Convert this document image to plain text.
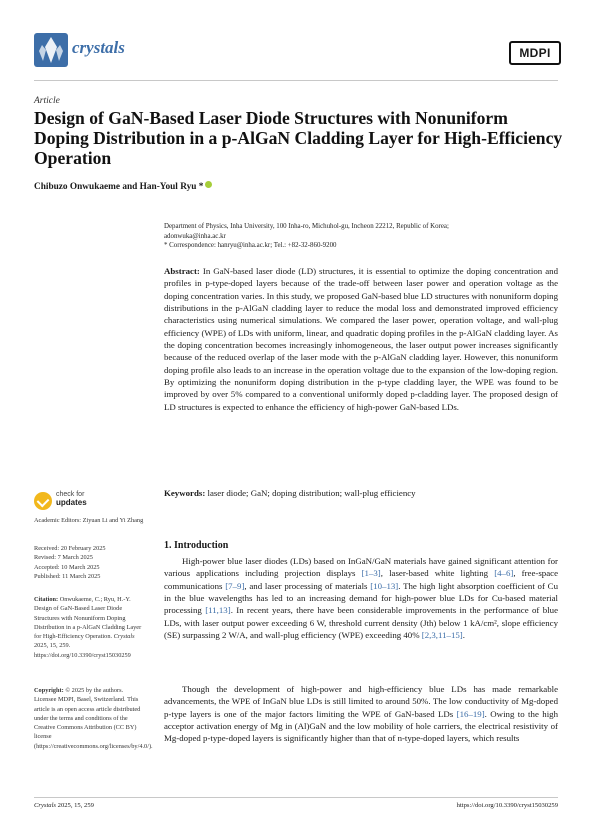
crystals	MDPI
Article
Design of GaN-Based Laser Diode Structures with Nonuniform Doping Distribution in a p-AlGaN Cladding Layer for High-Efficiency Operation
Chibuzo Onwukaeme and Han-Youl Ryu *
Department of Physics, Inha University, 100 Inha-ro, Michuhol-gu, Incheon 22212, Republic of Korea;
adonwuka@inha.ac.kr
* Correspondence: hanryu@inha.ac.kr; Tel.: +82-32-860-9200
Abstract: In GaN-based laser diode (LD) structures, it is essential to optimize the doping concentration and profiles in p-type-doped layers because of the trade-off between laser power and operation voltage as the doping concentration varies. In this study, we proposed GaN-based blue LD structures with nonuniform doping distributions in the p-AlGaN cladding layer to reduce the modal loss and demonstrated improved efficiency characteristics using numerical simulations. We compared the laser power, operation voltage, and wall-plug efficiency (WPE) of LDs with uniform, linear, and quadratic doping profiles in the p-AlGaN cladding layer. As the doping concentration becomes increasingly inhomogeneous, the laser output power increases significantly because of the reduced overlap of the laser mode with the p-AlGaN cladding layer. However, this nonuniform doping profile also leads to an increase in the operation voltage due to the expansion of the low-doping region. By optimizing the nonuniform doping distribution in the p-type cladding layer, the WPE was found to be improved by over 5% compared to a conventional uniformly doped p-cladding layer. The proposed design of LD structures is expected to enhance the efficiency of high-power GaN-based LDs.
Keywords: laser diode; GaN; doping distribution; wall-plug efficiency
check for
updates
Academic Editors: Ziyuan Li and Yi Zhang
Received: 20 February 2025
Revised: 7 March 2025
Accepted: 10 March 2025
Published: 11 March 2025
Citation: Onwukaeme, C.; Ryu, H.-Y. Design of GaN-Based Laser Diode Structures with Nonuniform Doping Distribution in a p-AlGaN Cladding Layer for High-Efficiency Operation. Crystals 2025, 15, 259. https://doi.org/10.3390/cryst15030259
Copyright: © 2025 by the authors. Licensee MDPI, Basel, Switzerland. This article is an open access article distributed under the terms and conditions of the Creative Commons Attribution (CC BY) license (https://creativecommons.org/licenses/by/4.0/).
1. Introduction
High-power blue laser diodes (LDs) based on InGaN/GaN materials have gained significant attention for various applications including projection displays [1–3], laser-based white lighting [4–6], free-space communications [7–9], and laser processing of materials [10–13]. The high light absorption coefficient of Cu in the blue wavelengths has led to an increasing demand for high-power blue LDs for Cu-based material processing [11,13]. In recent years, there have been considerable improvements in the performance of blue LDs, with laser output power exceeding 6 W, threshold current density (Jth) below 1 kA/cm², slope efficiency (SE) surpassing 2 W/A, and wall-plug efficiency (WPE) exceeding 40% [2,3,11–15].
Though the development of high-power and high-efficiency blue LDs has made remarkable advancements, the WPE of InGaN blue LDs is still limited to around 50%. The low conductivity of Mg-doped p-type layers is one of the major factors limiting the WPE of GaN-based LDs [16–19]. Owing to the high acceptor activation energy of Mg in (Al)GaN and the low mobility of hole carriers, the electrical resistivity of Mg-doped p-type-doped layers is significantly higher than that of n-type-doped layers, which results
Crystals 2025, 15, 259	https://doi.org/10.3390/cryst15030259
